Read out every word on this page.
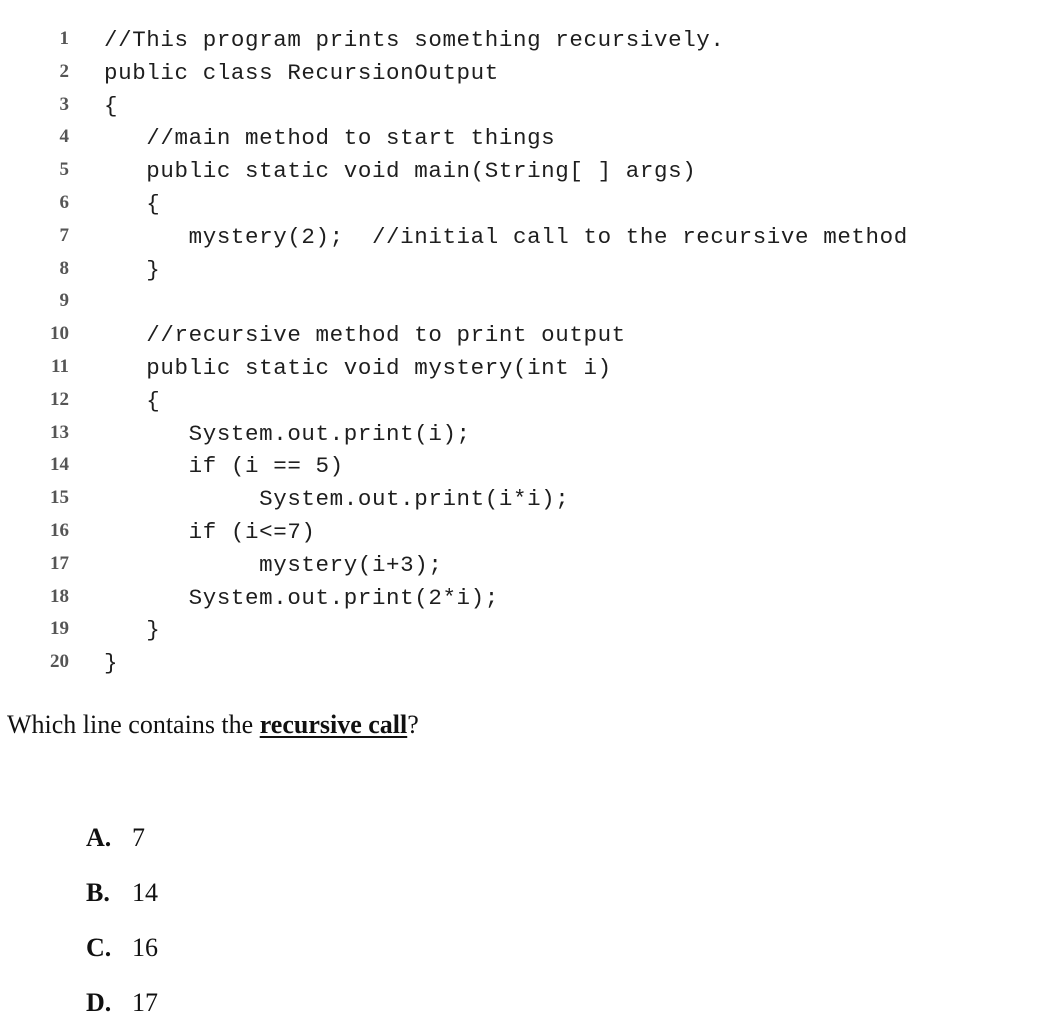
1 //This program prints something recursively.
2 public class RecursionOutput
3 {
4 //main method to start things
5 public static void main(String[ ] args)
6 {
7 mystery(2);  //initial call to the recursive method
8 }
9
10 //recursive method to print output
11 public static void mystery(int i)
12 {
13 System.out.print(i);
14 if (i == 5)
15 System.out.print(i*i);
16 if (i<=7)
17 mystery(i+3);
18 System.out.print(2*i);
19 }
20 }
Which line contains the recursive call?

A. 7

B. 14

C. 16

D. 17
